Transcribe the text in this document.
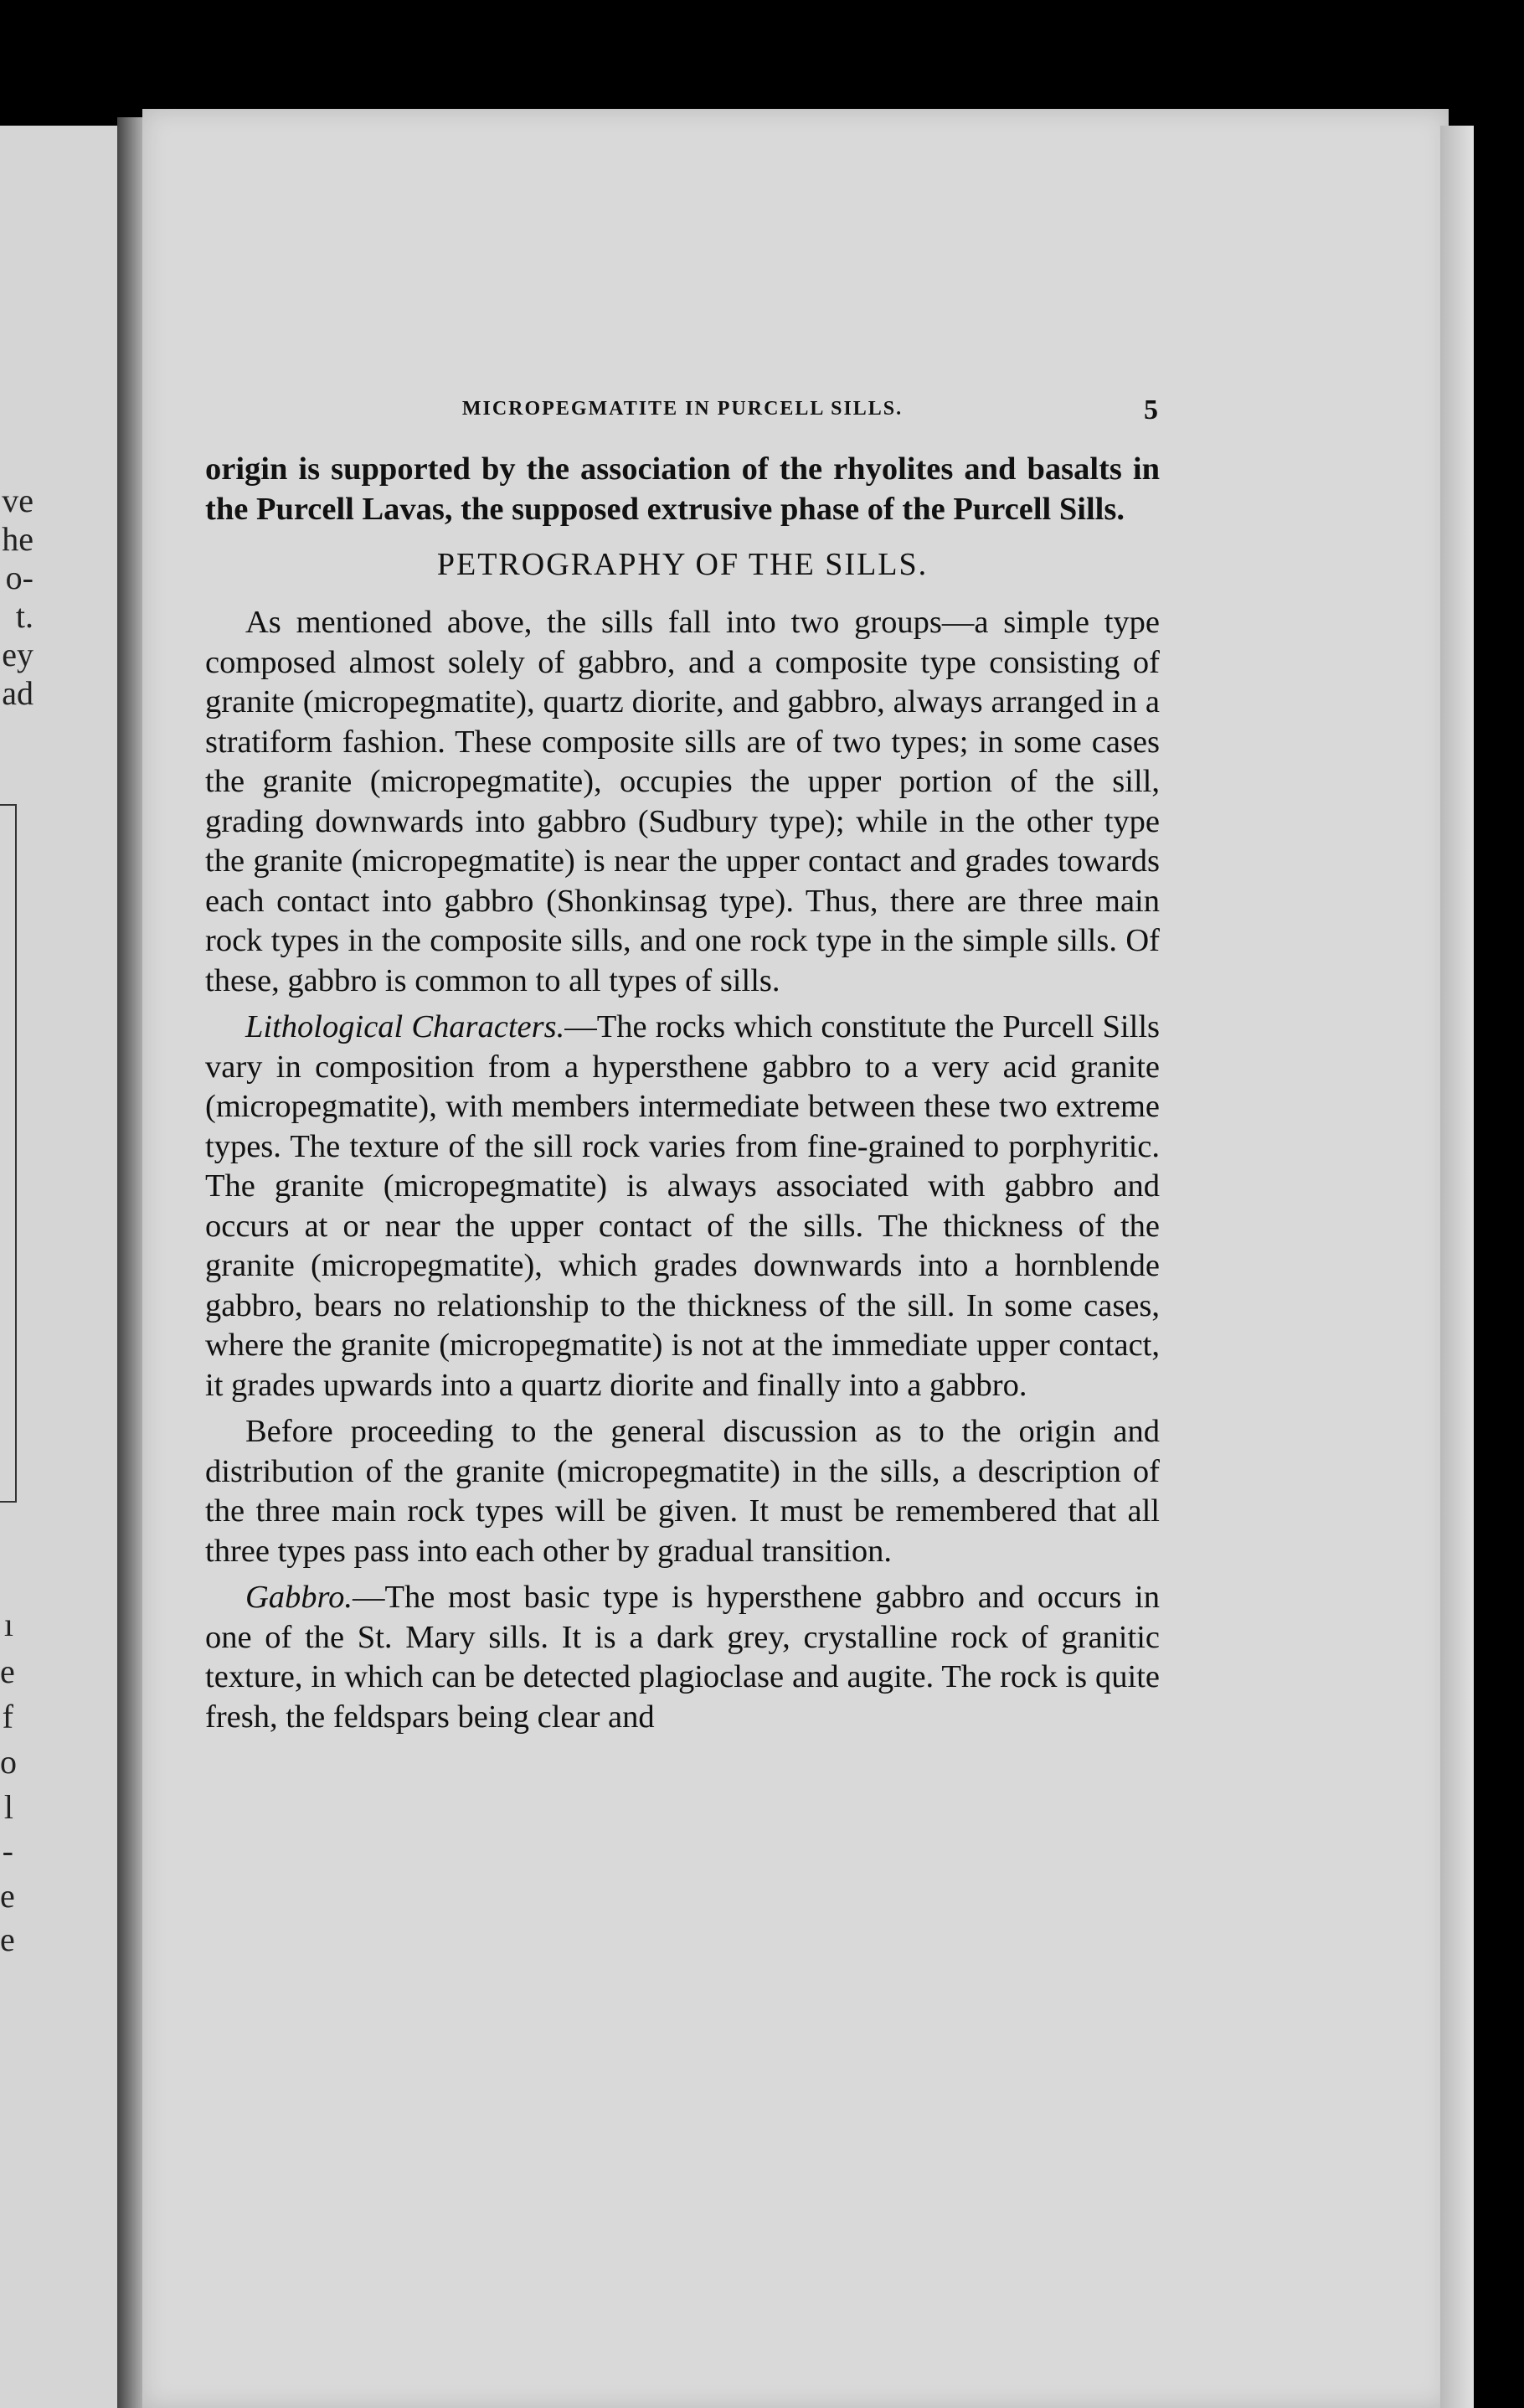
ve
he
o-
t.
ey
ad
ı
e
f
o
l
-
e
e
MICROPEGMATITE IN PURCELL SILLS.	5

origin is supported by the association of the rhyolites and basalts in the Purcell Lavas, the supposed extrusive phase of the Purcell Sills.

PETROGRAPHY OF THE SILLS.

As mentioned above, the sills fall into two groups—a simple type composed almost solely of gabbro, and a composite type consisting of granite (micropegmatite), quartz diorite, and gabbro, always arranged in a stratiform fashion. These composite sills are of two types; in some cases the granite (micropegmatite), occupies the upper portion of the sill, grading downwards into gabbro (Sudbury type); while in the other type the granite (micropegmatite) is near the upper contact and grades towards each contact into gabbro (Shonkinsag type). Thus, there are three main rock types in the composite sills, and one rock type in the simple sills. Of these, gabbro is common to all types of sills.

Lithological Characters.—The rocks which constitute the Purcell Sills vary in composition from a hypersthene gabbro to a very acid granite (micropegmatite), with members intermediate between these two extreme types. The texture of the sill rock varies from fine-grained to porphyritic. The granite (micropegmatite) is always associated with gabbro and occurs at or near the upper contact of the sills. The thickness of the granite (micropegmatite), which grades downwards into a hornblende gabbro, bears no relationship to the thickness of the sill. In some cases, where the granite (micropegmatite) is not at the immediate upper contact, it grades upwards into a quartz diorite and finally into a gabbro.

Before proceeding to the general discussion as to the origin and distribution of the granite (micropegmatite) in the sills, a description of the three main rock types will be given. It must be remembered that all three types pass into each other by gradual transition.

Gabbro.—The most basic type is hypersthene gabbro and occurs in one of the St. Mary sills. It is a dark grey, crystalline rock of granitic texture, in which can be detected plagioclase and augite. The rock is quite fresh, the feldspars being clear and
